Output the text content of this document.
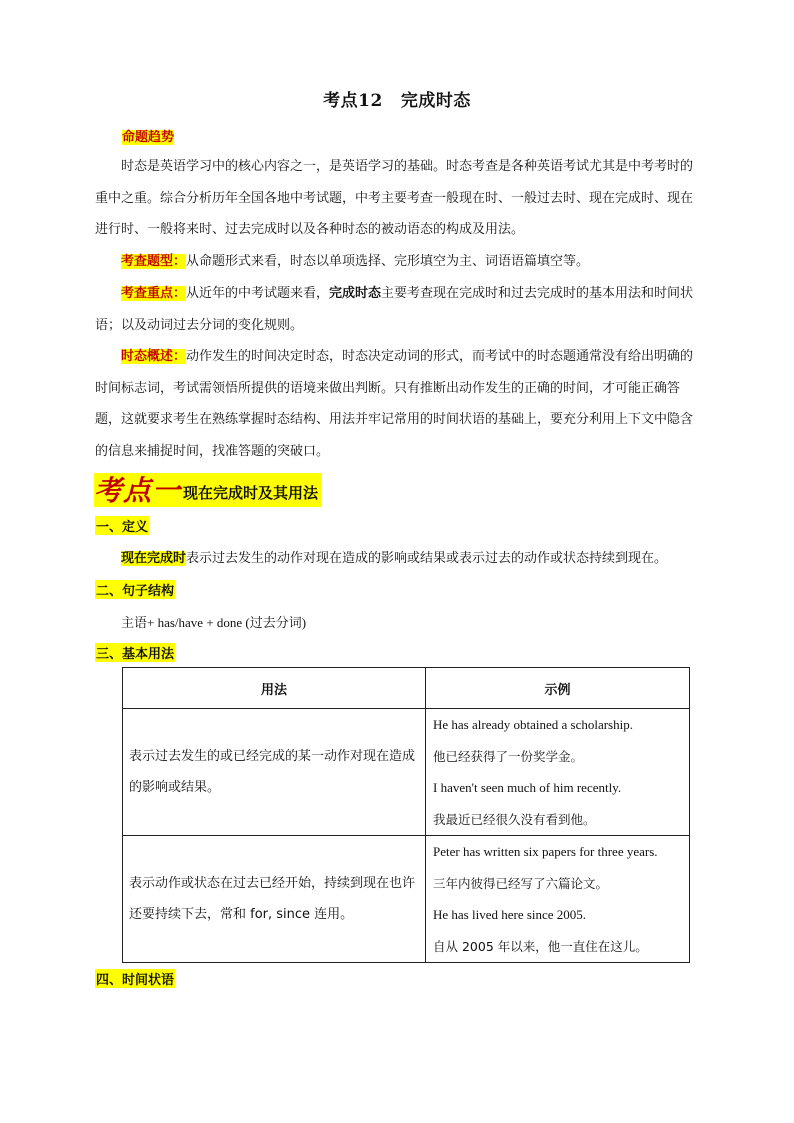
考点12 完成时态
命题趋势
时态是英语学习中的核心内容之一，是英语学习的基础。时态考查是各种英语考试尤其是中考考时的重中之重。综合分析历年全国各地中考试题，中考主要考查一般现在时、一般过去时、现在完成时、现在进行时、一般将来时、过去完成时以及各种时态的被动语态的构成及用法。
考查题型：从命题形式来看，时态以单项选择、完形填空为主、词语语篇填空等。
考查重点：从近年的中考试题来看，完成时态主要考查现在完成时和过去完成时的基本用法和时间状语；以及动词过去分词的变化规则。
时态概述：动作发生的时间决定时态，时态决定动词的形式，而考试中的时态题通常没有给出明确的时间标志词，考试需领悟所提供的语境来做出判断。只有推断出动作发生的正确的时间，才可能正确答题，这就要求考生在熟练掌握时态结构、用法并牢记常用的时间状语的基础上，要充分利用上下文中隐含的信息来捕捉时间，找准答题的突破口。
考点一 现在完成时及其用法
一、定义
现在完成时表示过去发生的动作对现在造成的影响或结果或表示过去的动作或状态持续到现在。
二、句子结构
主语+ has/have + done (过去分词)
三、基本用法
用法	示例
表示过去发生的或已经完成的某一动作对现在造成的影响或结果。	He has already obtained a scholarship.
他已经获得了一份奖学金。
I haven't seen much of him recently.
我最近已经很久没有看到他。

表示动作或状态在过去已经开始，持续到现在也许还要持续下去，常和 for, since 连用。	Peter has written six papers for three years.
三年内彼得已经写了六篇论文。
He has lived here since 2005.
自从 2005 年以来，他一直住在这儿。
四、时间状语
